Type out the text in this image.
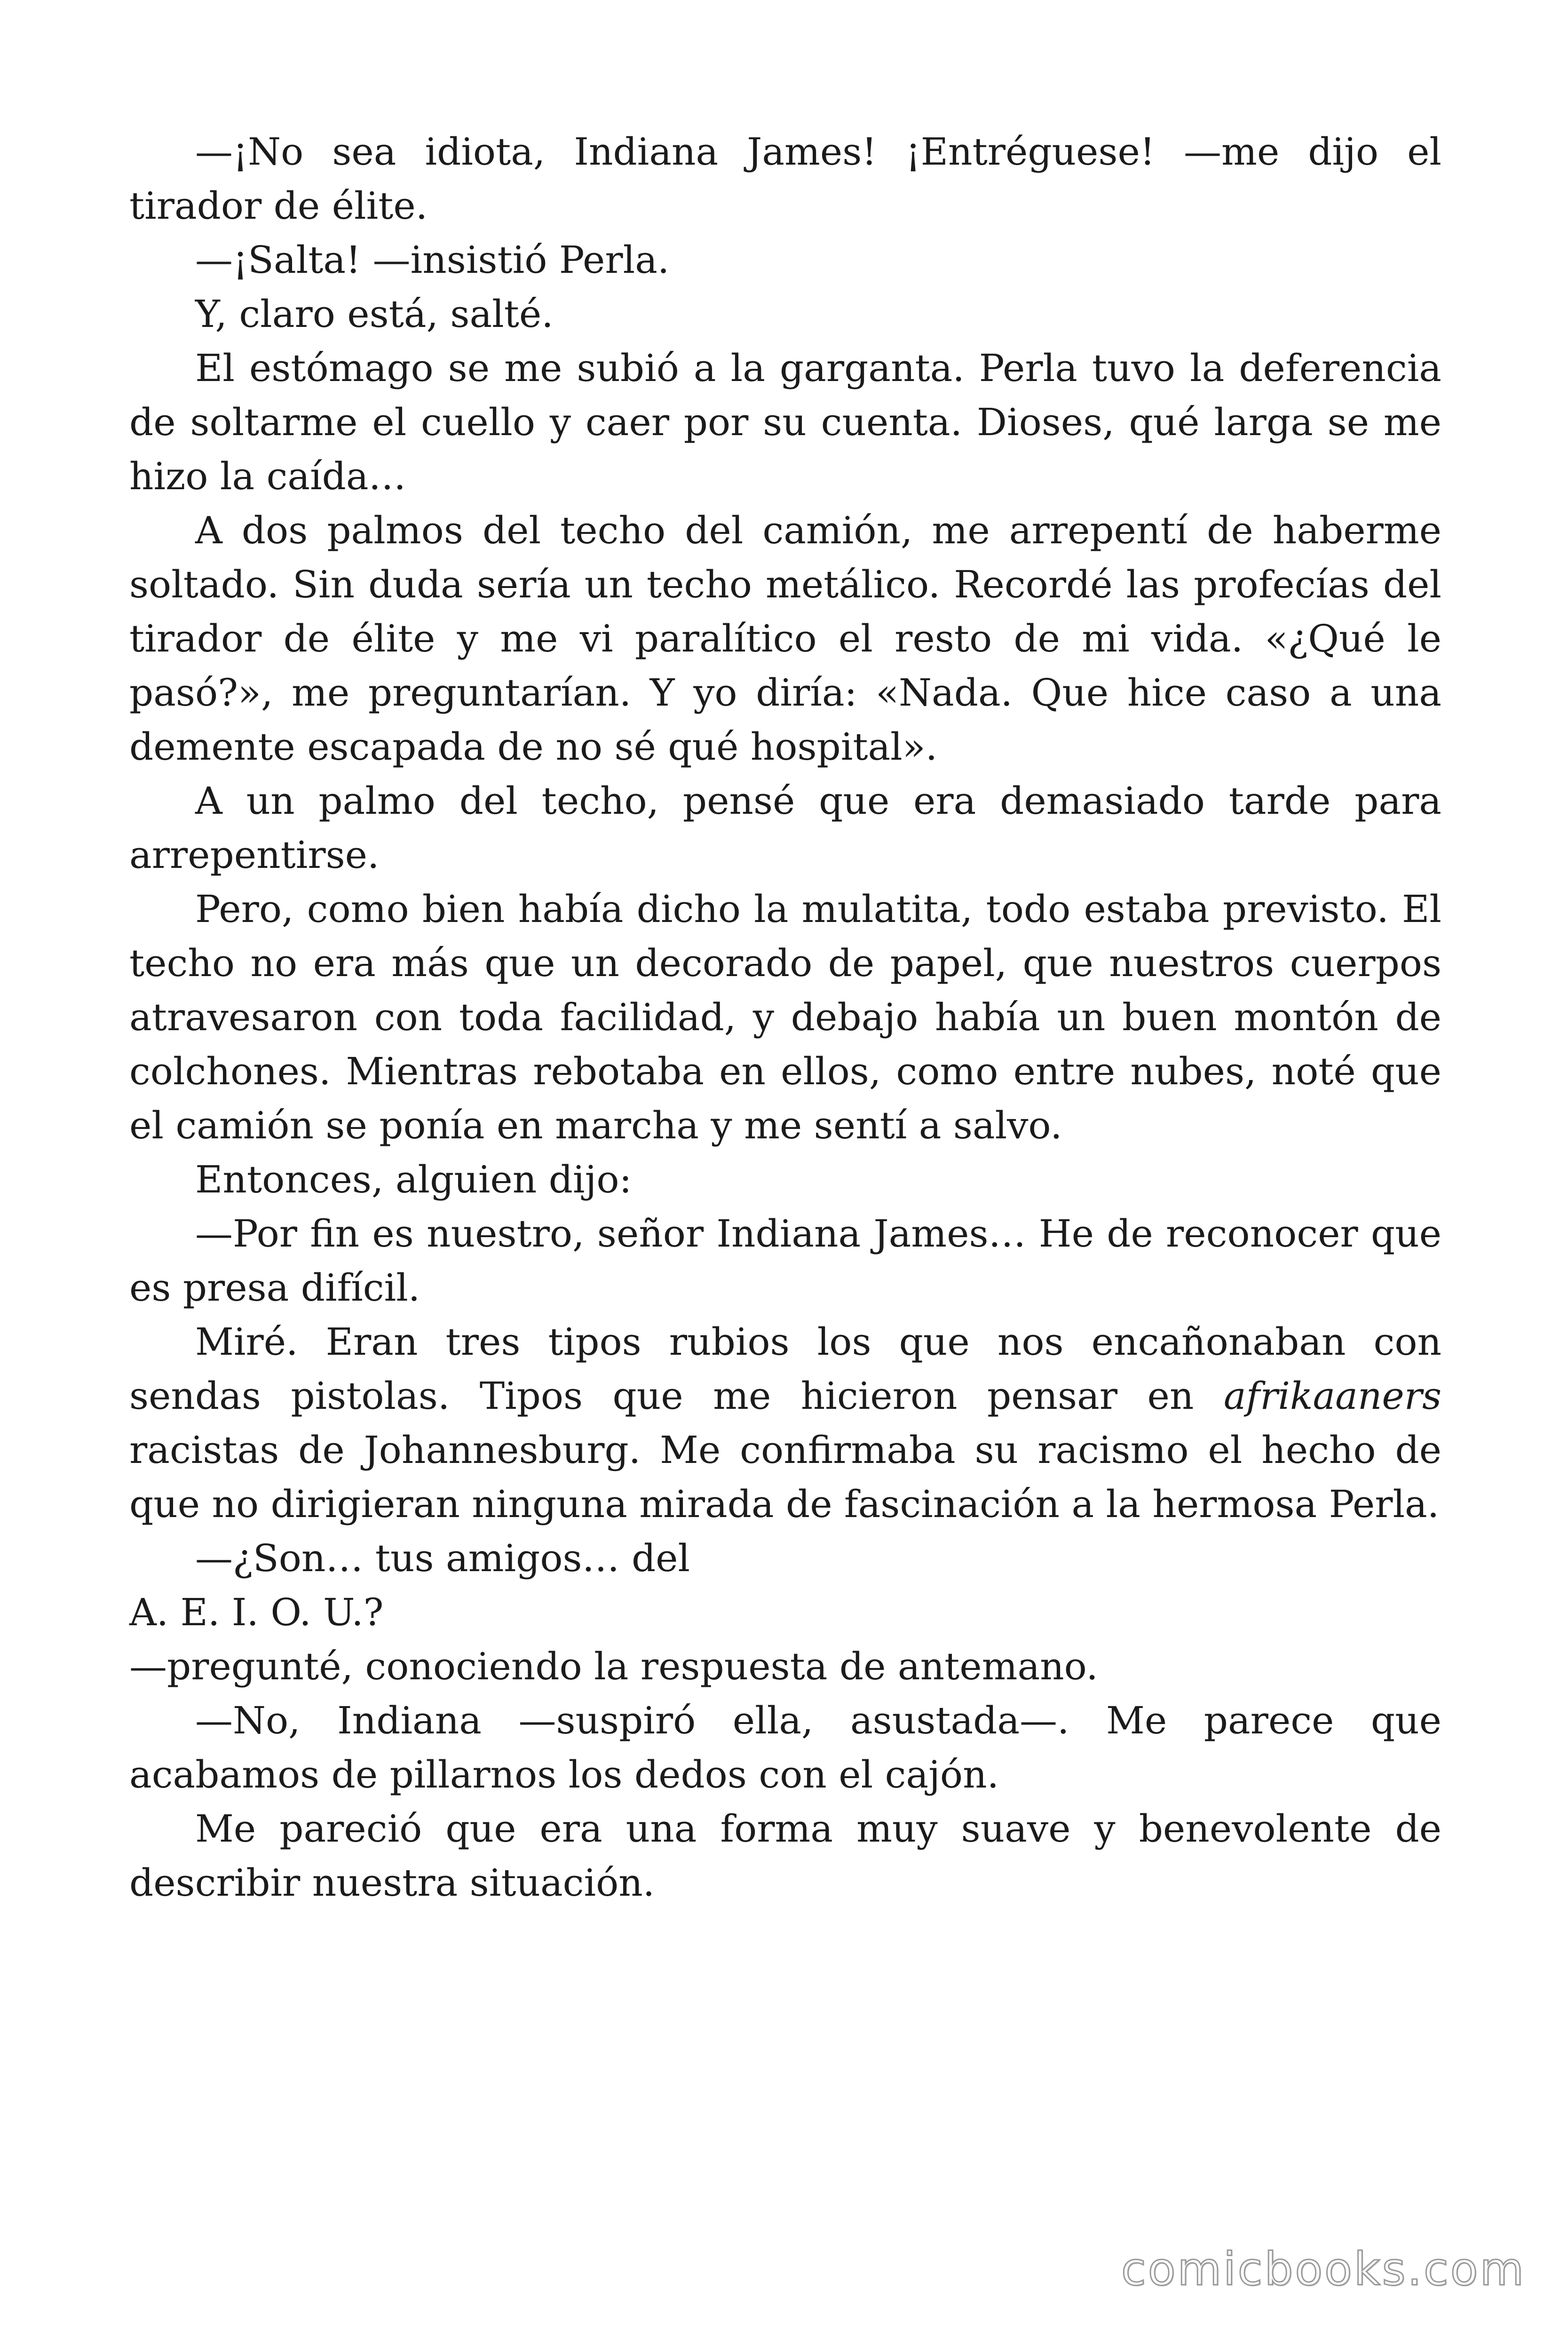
—¡No sea idiota, Indiana James! ¡Entréguese! —me dijo el tirador de élite.

—¡Salta! —insistió Perla.

Y, claro está, salté.

El estómago se me subió a la garganta. Perla tuvo la deferencia de soltarme el cuello y caer por su cuenta. Dioses, qué larga se me hizo la caída…

A dos palmos del techo del camión, me arrepentí de haberme soltado. Sin duda sería un techo metálico. Recordé las profecías del tirador de élite y me vi paralítico el resto de mi vida. «¿Qué le pasó?», me preguntarían. Y yo diría: «Nada. Que hice caso a una demente escapada de no sé qué hospital».

A un palmo del techo, pensé que era demasiado tarde para arrepentirse.

Pero, como bien había dicho la mulatita, todo estaba previsto. El techo no era más que un decorado de papel, que nuestros cuerpos atravesaron con toda facilidad, y debajo había un buen montón de colchones. Mientras rebotaba en ellos, como entre nubes, noté que el camión se ponía en marcha y me sentí a salvo.

Entonces, alguien dijo:

—Por fin es nuestro, señor Indiana James… He de reconocer que es presa difícil.

Miré. Eran tres tipos rubios los que nos encañonaban con sendas pistolas. Tipos que me hicieron pensar en afrikaaners racistas de Johannesburg. Me confirmaba su racismo el hecho de que no dirigieran ninguna mirada de fascinación a la hermosa Perla.

—¿Son… tus amigos… del

A. E. I. O. U.?

—pregunté, conociendo la respuesta de antemano.

—No, Indiana —suspiró ella, asustada—. Me parece que acabamos de pillarnos los dedos con el cajón.

Me pareció que era una forma muy suave y benevolente de describir nuestra situación.

comicbooks.com
